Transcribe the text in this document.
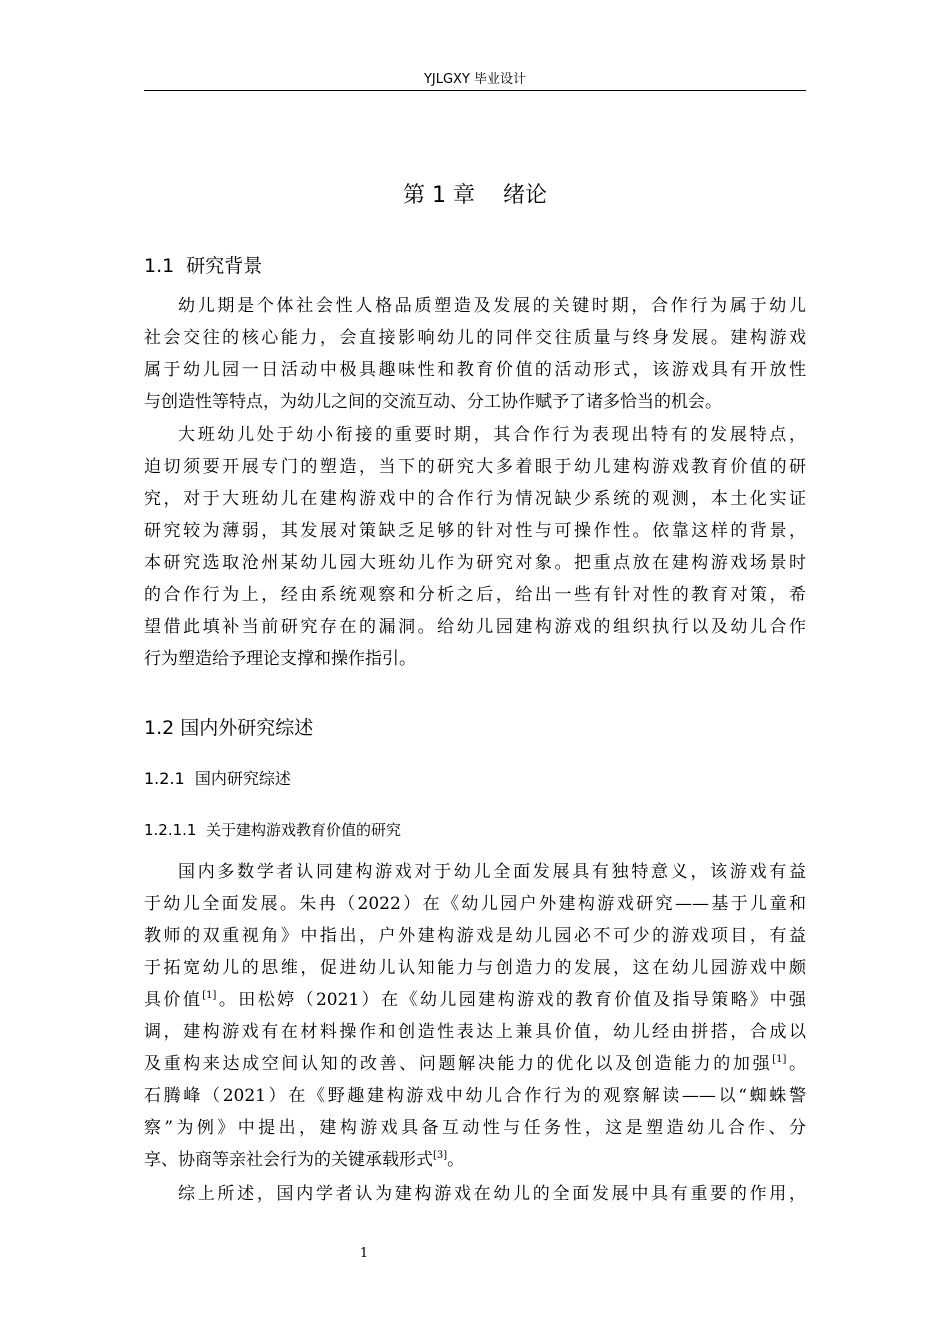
YJLGXY 毕业设计
第 1 章    绪论
1.1  研究背景
幼儿期是个体社会性人格品质塑造及发展的关键时期，合作行为属于幼儿
社会交往的核心能力，会直接影响幼儿的同伴交往质量与终身发展。建构游戏
属于幼儿园一日活动中极具趣味性和教育价值的活动形式，该游戏具有开放性
与创造性等特点，为幼儿之间的交流互动、分工协作赋予了诸多恰当的机会。
大班幼儿处于幼小衔接的重要时期，其合作行为表现出特有的发展特点，
迫切须要开展专门的塑造，当下的研究大多着眼于幼儿建构游戏教育价值的研
究，对于大班幼儿在建构游戏中的合作行为情况缺少系统的观测，本土化实证
研究较为薄弱，其发展对策缺乏足够的针对性与可操作性。依靠这样的背景，
本研究选取沧州某幼儿园大班幼儿作为研究对象。把重点放在建构游戏场景时
的合作行为上，经由系统观察和分析之后，给出一些有针对性的教育对策，希
望借此填补当前研究存在的漏洞。给幼儿园建构游戏的组织执行以及幼儿合作
行为塑造给予理论支撑和操作指引。
1.2 国内外研究综述
1.2.1  国内研究综述
1.2.1.1  关于建构游戏教育价值的研究
国内多数学者认同建构游戏对于幼儿全面发展具有独特意义，该游戏有益
于幼儿全面发展。朱冉（2022）在《幼儿园户外建构游戏研究——基于儿童和
教师的双重视角》中指出，户外建构游戏是幼儿园必不可少的游戏项目，有益
于拓宽幼儿的思维，促进幼儿认知能力与创造力的发展，这在幼儿园游戏中颇
具价值[1]。田松婷（2021）在《幼儿园建构游戏的教育价值及指导策略》中强
调，建构游戏有在材料操作和创造性表达上兼具价值，幼儿经由拼搭，合成以
及重构来达成空间认知的改善、问题解决能力的优化以及创造能力的加强[1]。
石腾峰（2021）在《野趣建构游戏中幼儿合作行为的观察解读——以“蜘蛛警
察”为例》中提出，建构游戏具备互动性与任务性，这是塑造幼儿合作、分
享、协商等亲社会行为的关键承载形式[3]。
综上所述，国内学者认为建构游戏在幼儿的全面发展中具有重要的作用，
1
